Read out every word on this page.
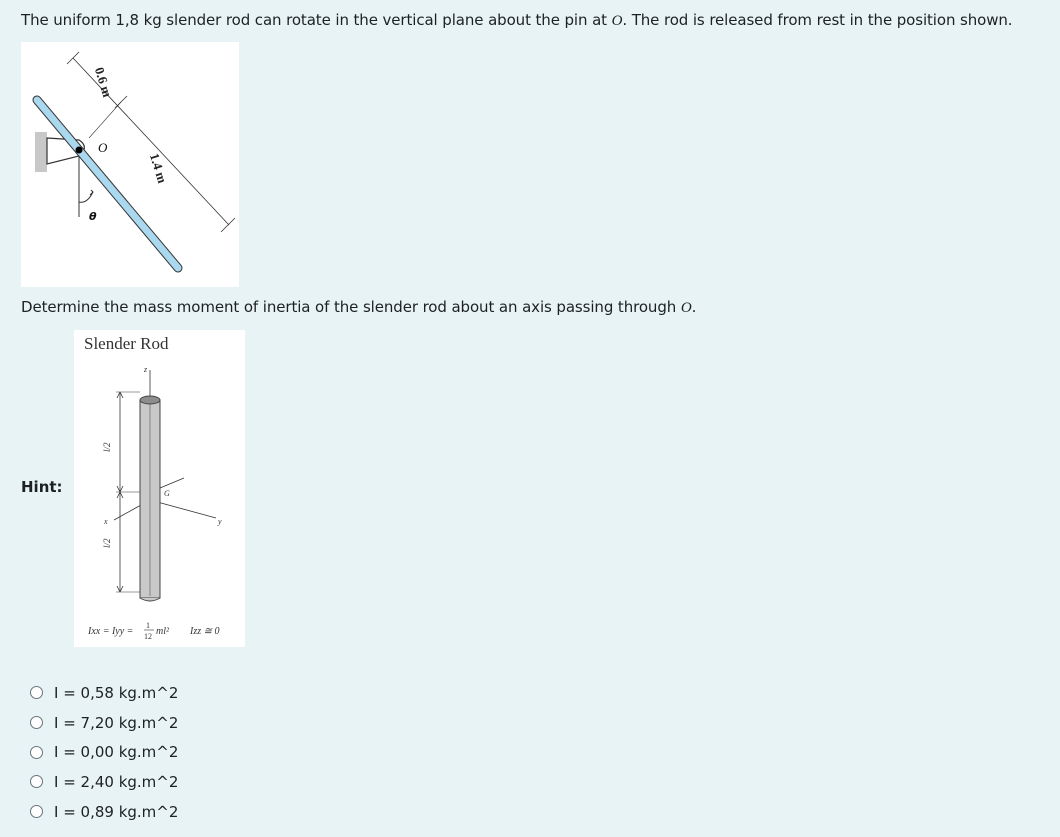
The uniform 1,8 kg slender rod can rotate in the vertical plane about the pin at O. The rod is released from rest in the position shown.
0.6 m
1.4 m
O
θ
Determine the mass moment of inertia of the slender rod about an axis passing through O.
Hint:
Slender Rod
z
l/2
l/2
x	y
G
Ixx = Iyy =
1
12 ml² Izz ≅ 0
I = 0,58 kg.m^2
I = 7,20 kg.m^2
I = 0,00 kg.m^2
I = 2,40 kg.m^2
I = 0,89 kg.m^2
